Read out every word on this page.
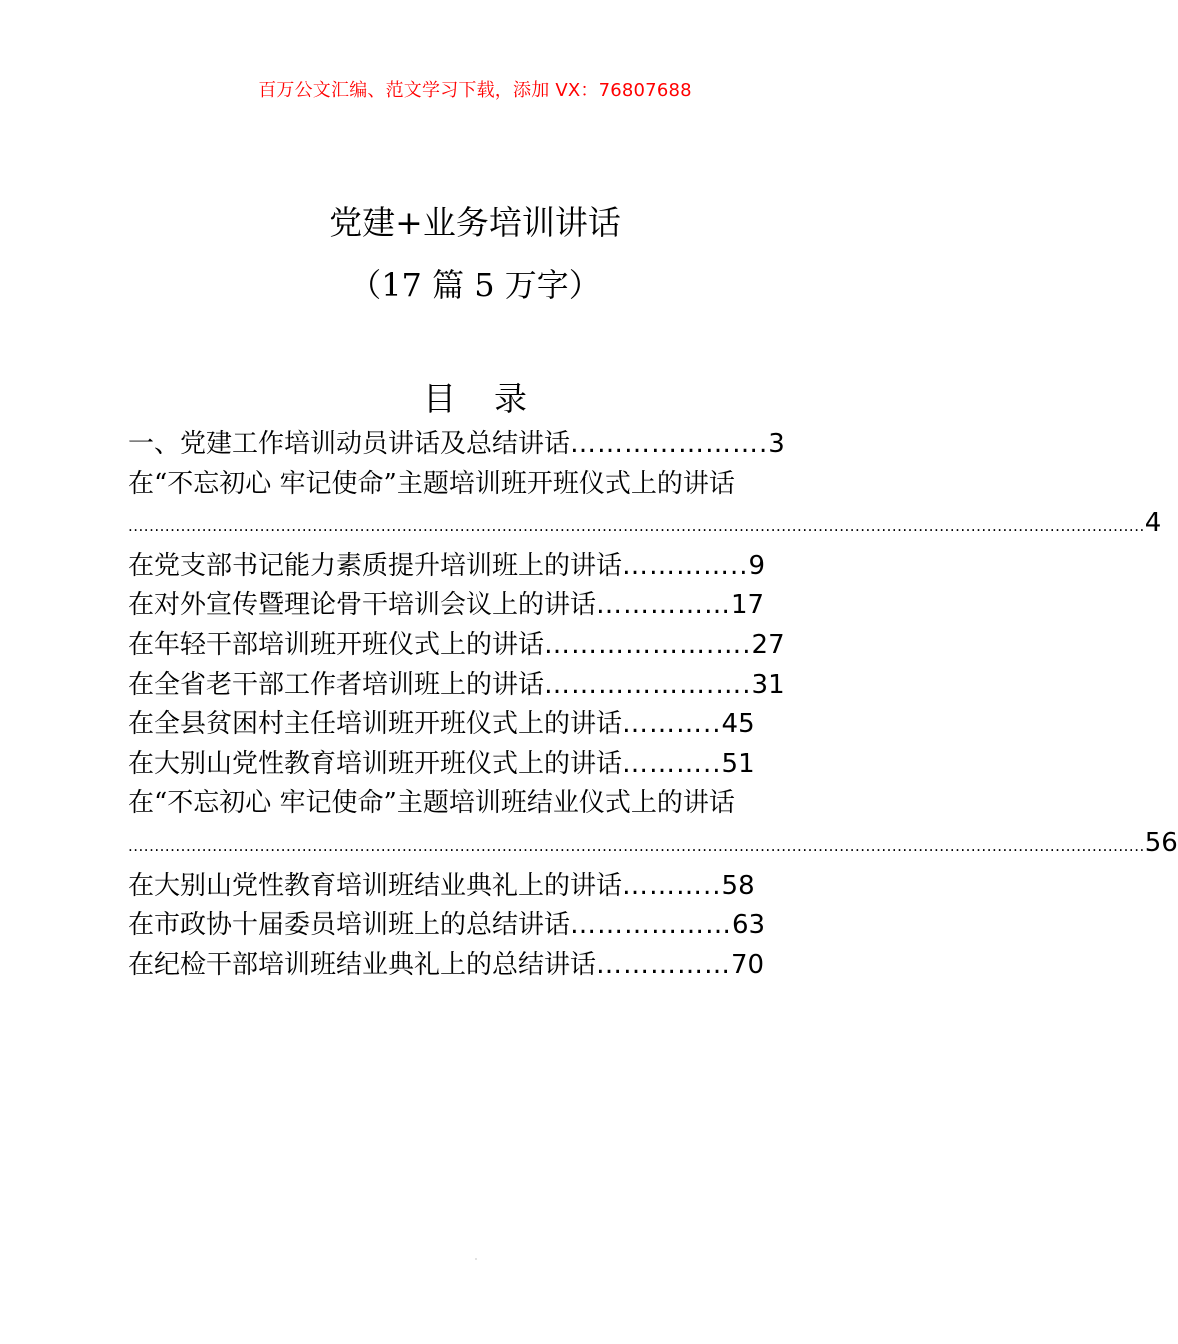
百万公文汇编、范文学习下载，添加 VX：76807688
党建+业务培训讲话
（17 篇 5 万字）
目录
一、党建工作培训动员讲话及总结讲话………………….3
在“不忘初心 牢记使命”主题培训班开班仪式上的讲话
................................................................................................................................................................................................. 4
在党支部书记能力素质提升培训班上的讲话…………..9
在对外宣传暨理论骨干培训会议上的讲话……………17
在年轻干部培训班开班仪式上的讲话……………….….27
在全省老干部工作者培训班上的讲话……………….….31
在全县贫困村主任培训班开班仪式上的讲话………..45
在大别山党性教育培训班开班仪式上的讲话………..51
在“不忘初心 牢记使命”主题培训班结业仪式上的讲话
................................................................................................................................................................................................. 56
在大别山党性教育培训班结业典礼上的讲话………..58
在市政协十届委员培训班上的总结讲话………………63
在纪检干部培训班结业典礼上的总结讲话……………70
